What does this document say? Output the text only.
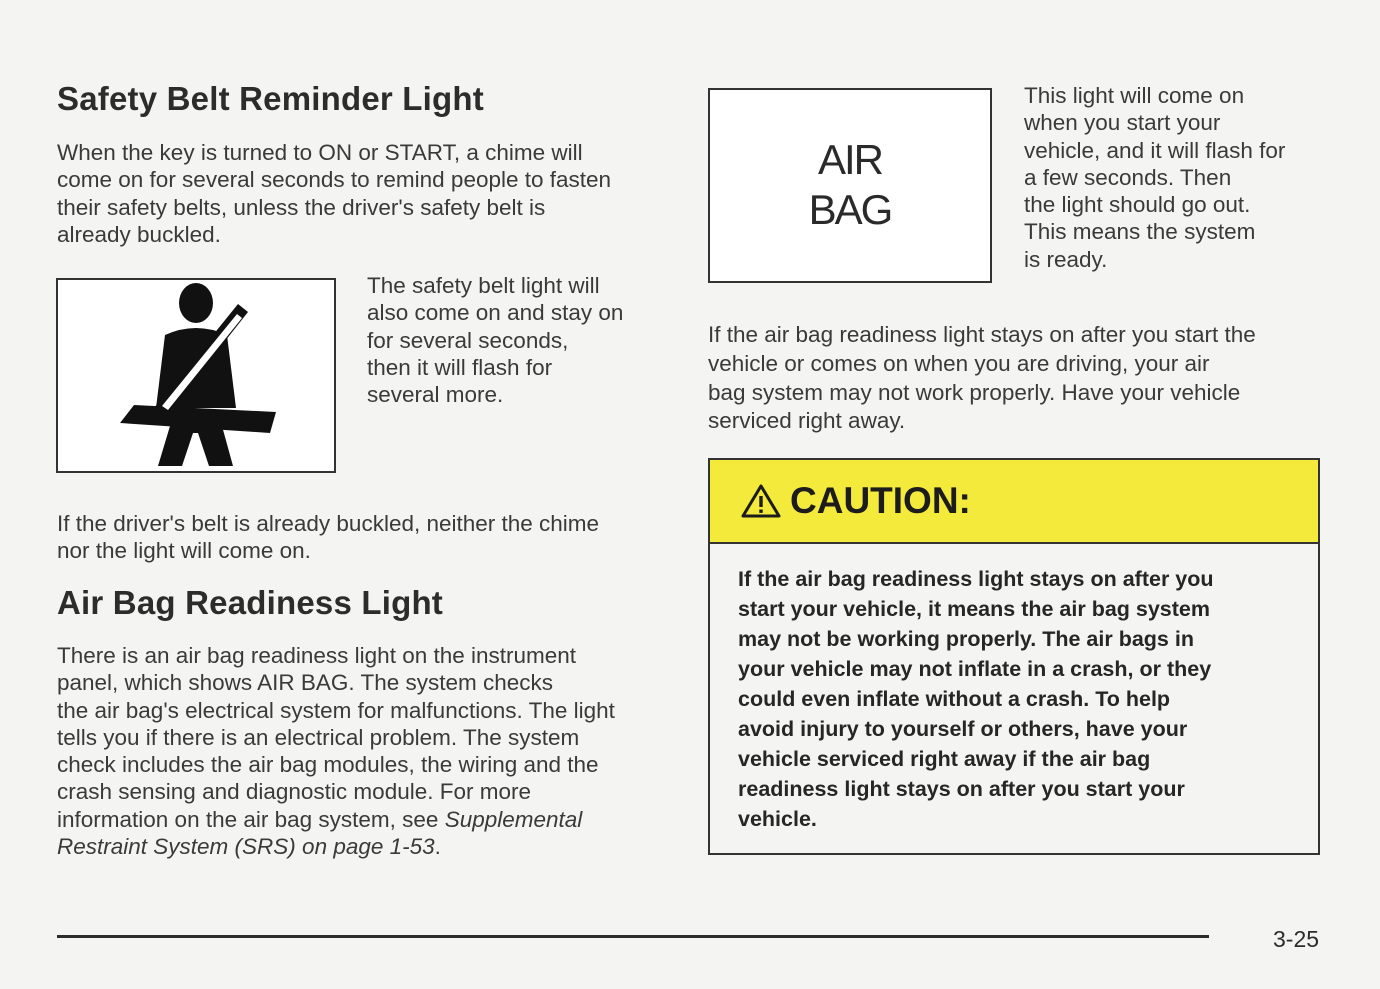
Safety Belt Reminder Light

When the key is turned to ON or START, a chime will
come on for several seconds to remind people to fasten
their safety belts, unless the driver's safety belt is
already buckled.

The safety belt light will
also come on and stay on
for several seconds,
then it will flash for
several more.

If the driver's belt is already buckled, neither the chime
nor the light will come on.

Air Bag Readiness Light

There is an air bag readiness light on the instrument
panel, which shows AIR BAG. The system checks
the air bag's electrical system for malfunctions. The light
tells you if there is an electrical problem. The system
check includes the air bag modules, the wiring and the
crash sensing and diagnostic module. For more
information on the air bag system, see Supplemental
Restraint System (SRS) on page 1-53.

AIR
BAG

This light will come on
when you start your
vehicle, and it will flash for
a few seconds. Then
the light should go out.
This means the system
is ready.

If the air bag readiness light stays on after you start the
vehicle or comes on when you are driving, your air
bag system may not work properly. Have your vehicle
serviced right away.

CAUTION:

If the air bag readiness light stays on after you
start your vehicle, it means the air bag system
may not be working properly. The air bags in
your vehicle may not inflate in a crash, or they
could even inflate without a crash. To help
avoid injury to yourself or others, have your
vehicle serviced right away if the air bag
readiness light stays on after you start your
vehicle.

3-25
